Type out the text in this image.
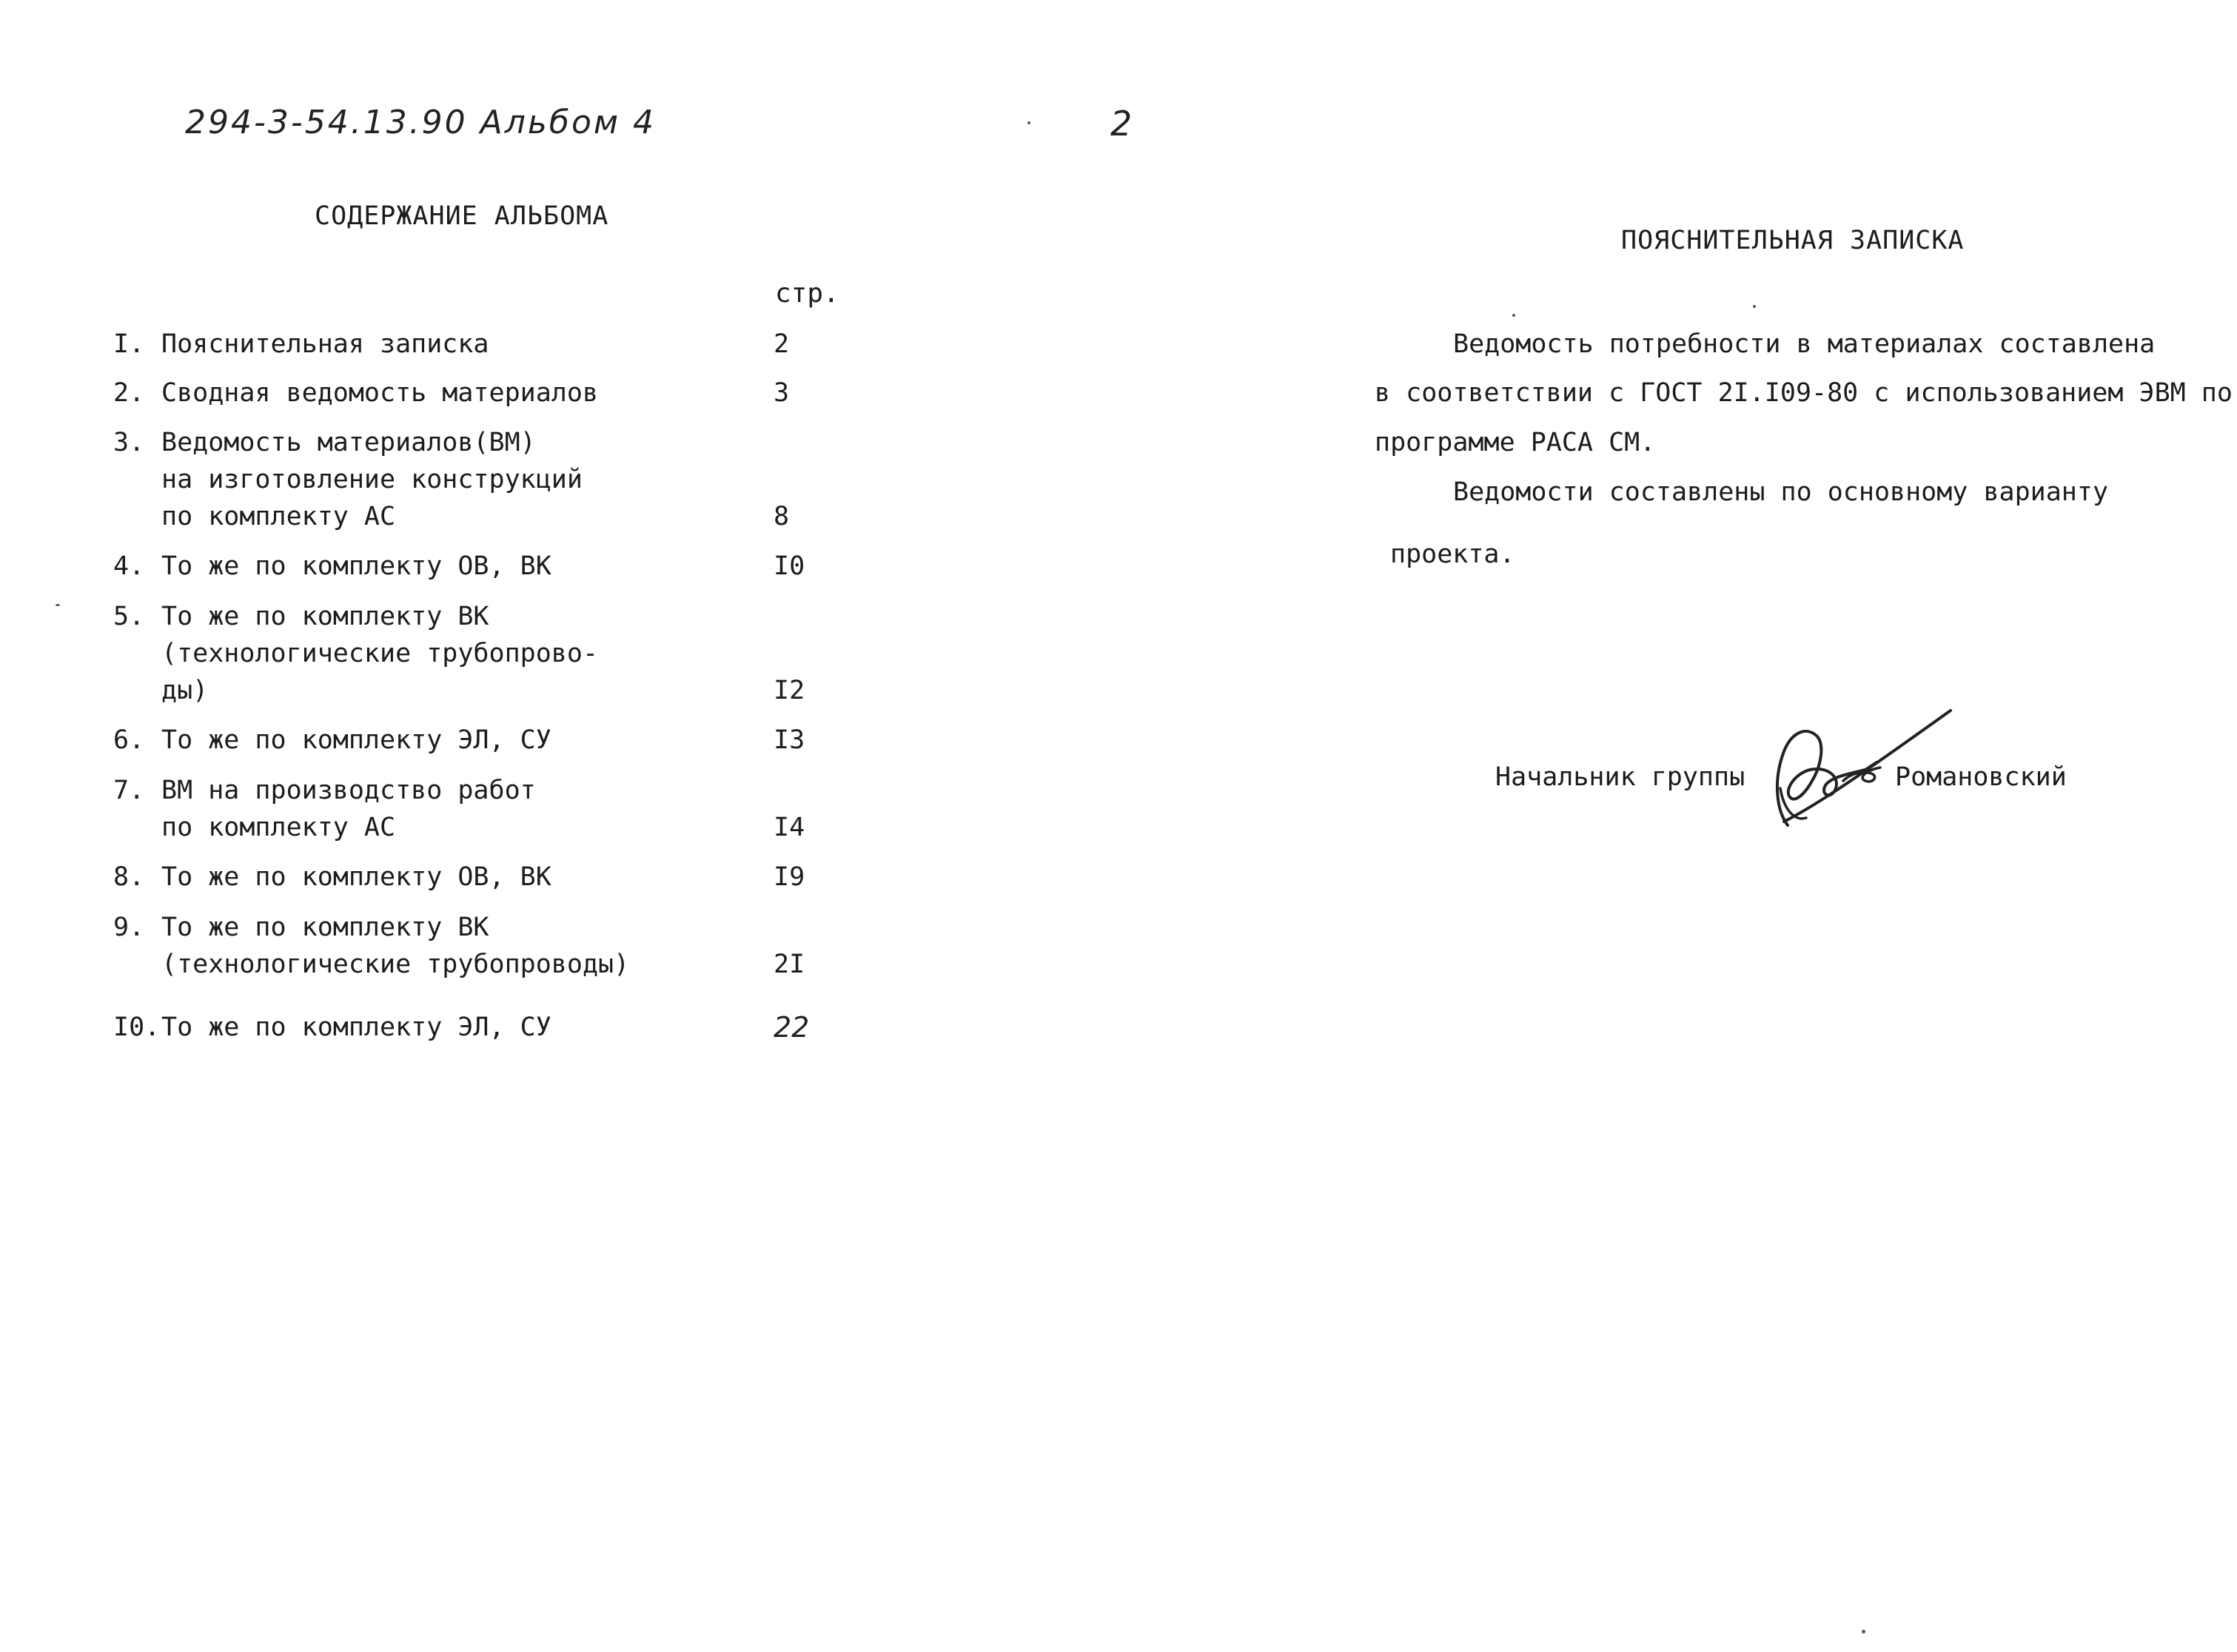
294-3-54.13.90 Альбом 4	2
СОДЕРЖАНИЕ АЛЬБОМА
стр.
I. Пояснительная записка	2
2. Сводная ведомость материалов	3
3. Ведомость материалов(ВМ)
на изготовление конструкций
по комплекту АС	8
4. То же по комплекту ОВ, ВК	I0
5. То же по комплекту ВК
(технологические трубопрово-
ды)	I2
6. То же по комплекту ЭЛ, СУ	I3
7. ВМ на производство работ
по комплекту АС	I4
8. То же по комплекту ОВ, ВК	I9
9. То же по комплекту ВК
(технологические трубопроводы)	2I
I0. То же по комплекту ЭЛ, СУ	22
ПОЯСНИТЕЛЬНАЯ ЗАПИСКА
Ведомость потребности в материалах составлена
в соответствии с ГОСТ 2I.I09-80 с использованием ЭВМ по
программе РАСА СМ.
Ведомости составлены по основному варианту
проекта.
Начальник группы	Романовский
